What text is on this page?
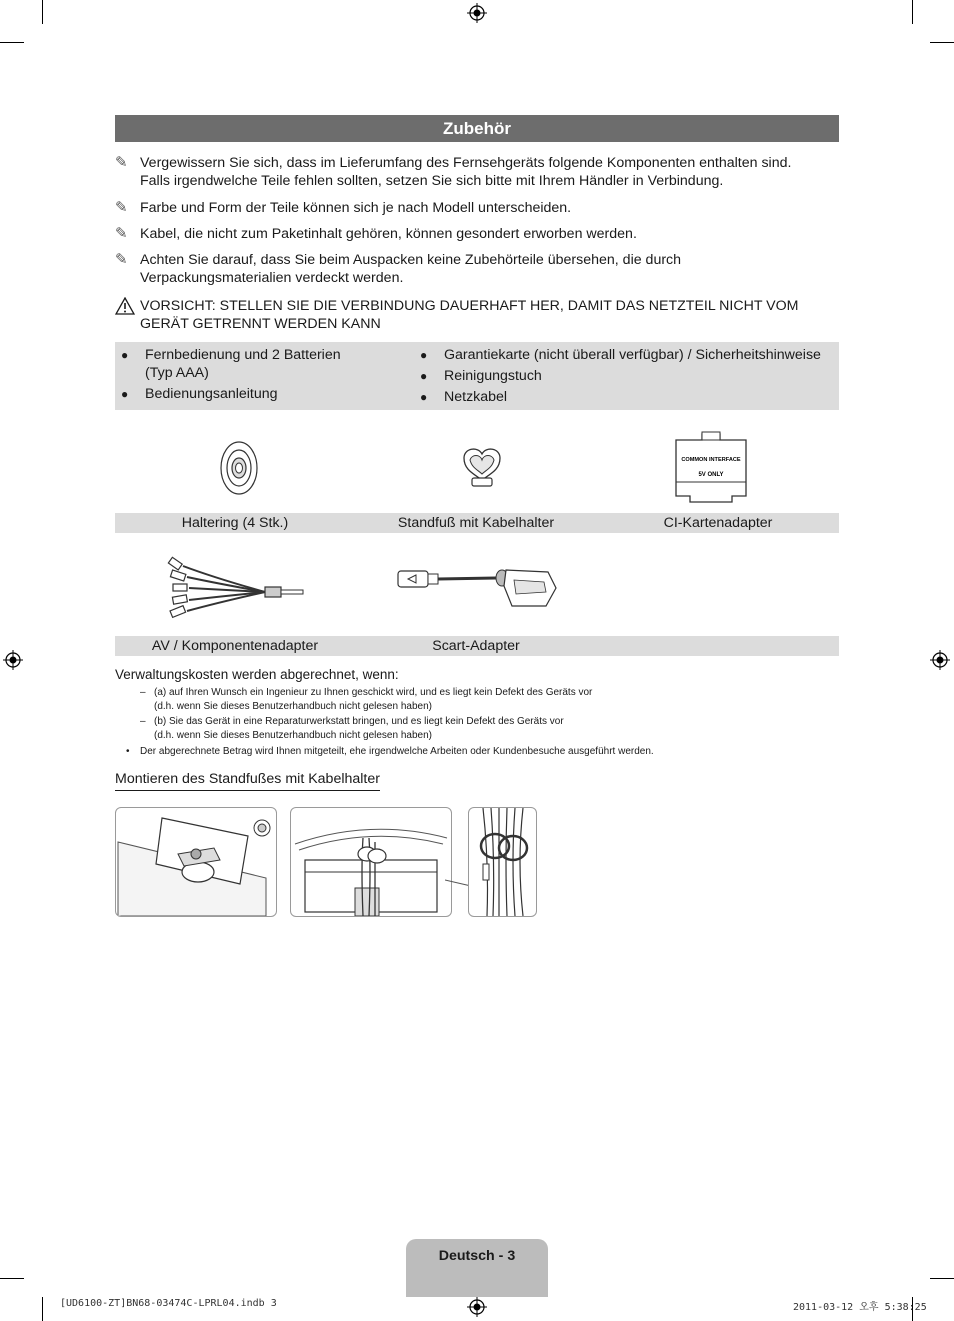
Zubehör
✎ Vergewissern Sie sich, dass im Lieferumfang des Fernsehgeräts folgende Komponenten enthalten sind.
Falls irgendwelche Teile fehlen sollten, setzen Sie sich bitte mit Ihrem Händler in Verbindung.
✎ Farbe und Form der Teile können sich je nach Modell unterscheiden.
✎ Kabel, die nicht zum Paketinhalt gehören, können gesondert erworben werden.
✎ Achten Sie darauf, dass Sie beim Auspacken keine Zubehörteile übersehen, die durch
Verpackungsmaterialien verdeckt werden.
VORSICHT: STELLEN SIE DIE VERBINDUNG DAUERHAFT HER, DAMIT DAS NETZTEIL NICHT VOM
GERÄT GETRENNT WERDEN KANN
● Fernbedienung und 2 Batterien
(Typ AAA)
● Bedienungsanleitung
● Garantiekarte (nicht überall verfügbar) / Sicherheitshinweise
● Reinigungstuch
● Netzkabel
COMMON INTERFACE
5V ONLY
Haltering (4 Stk.)	Standfuß mit Kabelhalter	CI-Kartenadapter
AV / Komponentenadapter	Scart-Adapter
Verwaltungskosten werden abgerechnet, wenn:
– (a) auf Ihren Wunsch ein Ingenieur zu Ihnen geschickt wird, und es liegt kein Defekt des Geräts vor
(d.h. wenn Sie dieses Benutzerhandbuch nicht gelesen haben)
– (b) Sie das Gerät in eine Reparaturwerkstatt bringen, und es liegt kein Defekt des Geräts vor
(d.h. wenn Sie dieses Benutzerhandbuch nicht gelesen haben)
• Der abgerechnete Betrag wird Ihnen mitgeteilt, ehe irgendwelche Arbeiten oder Kundenbesuche ausgeführt werden.
Montieren des Standfußes mit Kabelhalter
Deutsch - 3
[UD6100-ZT]BN68-03474C-LPRL04.indb 3	2011-03-12 오후 5:38:25
